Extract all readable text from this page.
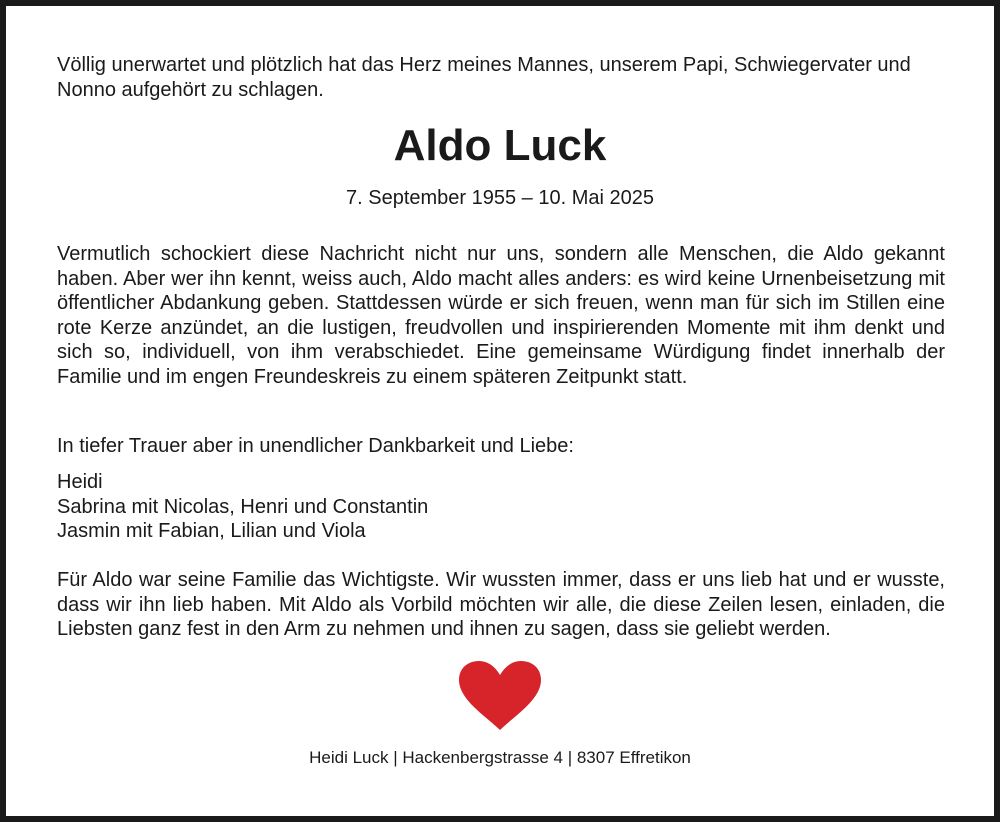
Völlig unerwartet und plötzlich hat das Herz meines Mannes, unserem Papi, Schwiegervater und Nonno aufgehört zu schlagen.
Aldo Luck
7. September 1955 – 10. Mai 2025
Vermutlich schockiert diese Nachricht nicht nur uns, sondern alle Menschen, die Aldo gekannt haben. Aber wer ihn kennt, weiss auch, Aldo macht alles anders: es wird keine Urnenbeisetzung mit öffentlicher Abdankung geben. Stattdessen würde er sich freuen, wenn man für sich im Stillen eine rote Kerze anzündet, an die lustigen, freudvollen und inspirierenden Momente mit ihm denkt und sich so, individuell, von ihm verabschiedet. Eine gemeinsame Würdigung findet innerhalb der Familie und im engen Freundeskreis zu einem späteren Zeitpunkt statt.
In tiefer Trauer aber in unendlicher Dankbarkeit und Liebe:
Heidi
Sabrina mit Nicolas, Henri und Constantin
Jasmin mit Fabian, Lilian und Viola
Für Aldo war seine Familie das Wichtigste. Wir wussten immer, dass er uns lieb hat und er wusste, dass wir ihn lieb haben. Mit Aldo als Vorbild möchten wir alle, die diese Zeilen lesen, einladen, die Liebsten ganz fest in den Arm zu nehmen und ihnen zu sagen, dass sie geliebt werden.
Heidi Luck | Hackenbergstrasse 4 | 8307 Effretikon
